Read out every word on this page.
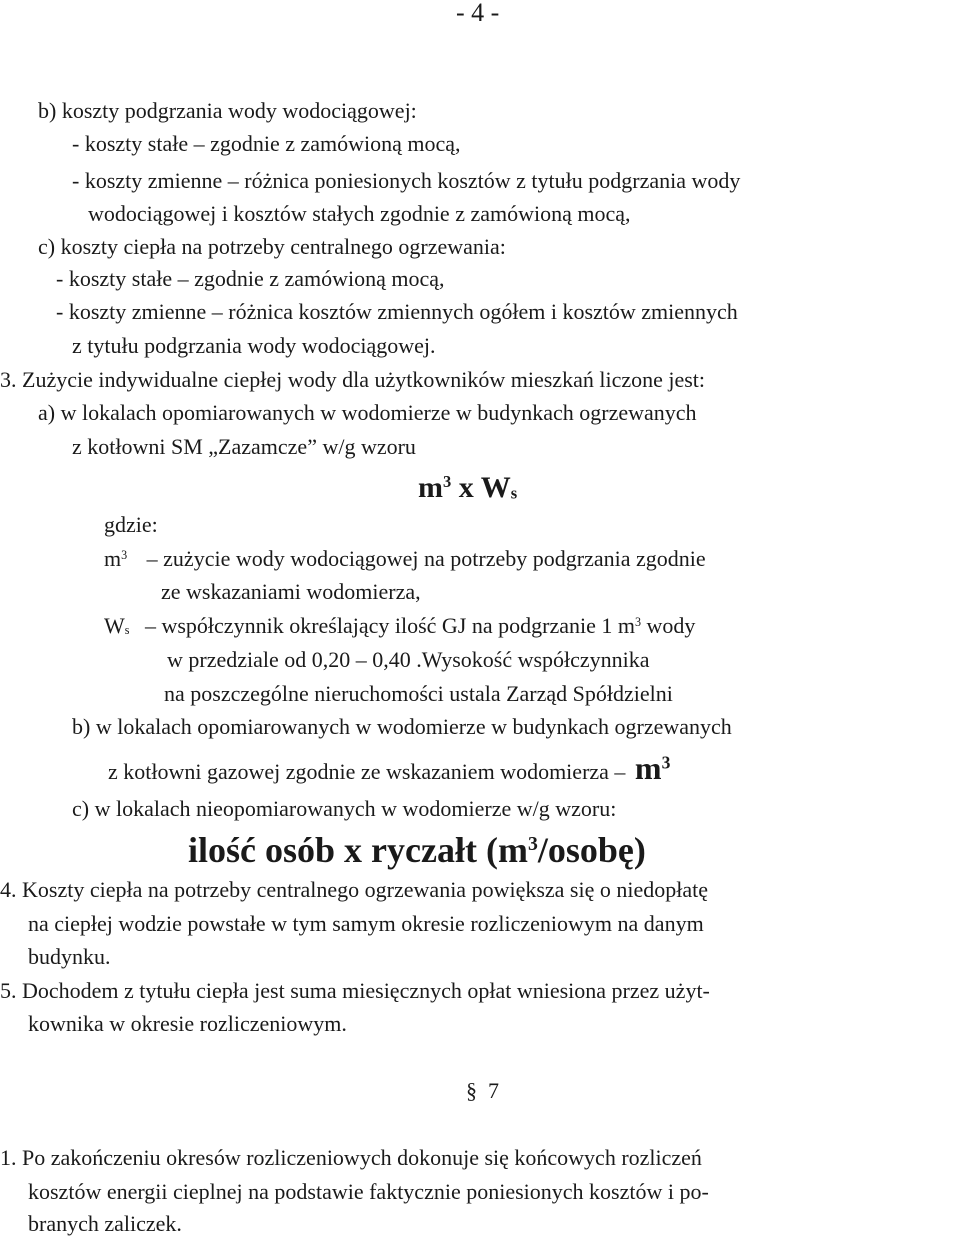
- 4 -
b) koszty podgrzania wody wodociągowej:
- koszty stałe – zgodnie z zamówioną mocą,
- koszty zmienne – różnica poniesionych kosztów z tytułu podgrzania wody
wodociągowej i kosztów stałych zgodnie z zamówioną mocą,
c) koszty ciepła na potrzeby centralnego ogrzewania:
- koszty stałe – zgodnie z zamówioną mocą,
- koszty zmienne – różnica kosztów zmiennych ogółem i kosztów zmiennych
z tytułu podgrzania wody wodociągowej.
3. Zużycie indywidualne ciepłej wody dla użytkowników mieszkań liczone jest:
a) w lokalach opomiarowanych w wodomierze w budynkach ogrzewanych
z kotłowni SM „Zazamcze” w/g wzoru
$m^3$ x $W_s$
gdzie:
$m^3$ – zużycie wody wodociągowej na potrzeby podgrzania zgodnie
ze wskazaniami wodomierza,
$W_s$ – współczynnik określający ilość GJ na podgrzanie 1 $m^3$ wody
w przedziale od 0,20 – 0,40 .Wysokość współczynnika
na poszczególne nieruchomości ustala Zarząd Spółdzielni
b) w lokalach opomiarowanych w wodomierze w budynkach ogrzewanych
z kotłowni gazowej zgodnie ze wskazaniem wodomierza – $m^3$
c) w lokalach nieopomiarowanych w wodomierze w/g wzoru:
ilość osób x ryczałt $(m^3/osobę)$
4. Koszty ciepła na potrzeby centralnego ogrzewania powiększa się o niedopłatę
na ciepłej wodzie powstałe w tym samym okresie rozliczeniowym na danym
budynku.
5. Dochodem z tytułu ciepła jest suma miesięcznych opłat wniesiona przez użyt-
kownika w okresie rozliczeniowym.
§  7
1. Po zakończeniu okresów rozliczeniowych dokonuje się końcowych rozliczeń
kosztów energii cieplnej na podstawie faktycznie poniesionych kosztów i po-
branych zaliczek.
